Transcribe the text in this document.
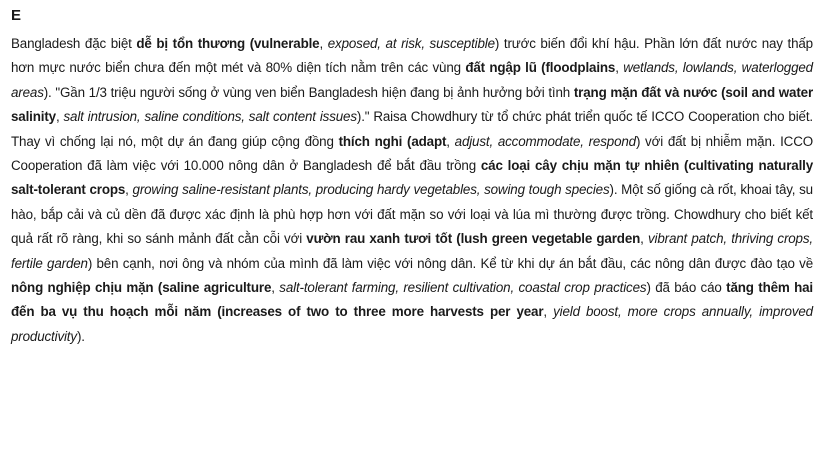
E

Bangladesh đặc biệt dễ bị tổn thương (vulnerable, exposed, at risk, susceptible) trước biến đổi khí hậu. Phần lớn đất nước nay thấp hơn mực nước biển chưa đến một mét và 80% diện tích nằm trên các vùng đất ngập lũ (floodplains, wetlands, lowlands, waterlogged areas). "Gần 1/3 triệu người sống ở vùng ven biển Bangladesh hiện đang bị ảnh hưởng bởi tình trạng mặn đất và nước (soil and water salinity, salt intrusion, saline conditions, salt content issues)." Raisa Chowdhury từ tổ chức phát triển quốc tế ICCO Cooperation cho biết. Thay vì chống lại nó, một dự án đang giúp cộng đồng thích nghi (adapt, adjust, accommodate, respond) với đất bị nhiễm mặn. ICCO Cooperation đã làm việc với 10.000 nông dân ở Bangladesh để bắt đầu trồng các loại cây chịu mặn tự nhiên (cultivating naturally salt-tolerant crops, growing saline-resistant plants, producing hardy vegetables, sowing tough species). Một số giống cà rốt, khoai tây, su hào, bắp cải và củ dền đã được xác định là phù hợp hơn với đất mặn so với loại và lúa mì thường được trồng. Chowdhury cho biết kết quả rất rõ ràng, khi so sánh mảnh đất cằn cỗi với vườn rau xanh tươi tốt (lush green vegetable garden, vibrant patch, thriving crops, fertile garden) bên cạnh, nơi ông và nhóm của mình đã làm việc với nông dân. Kể từ khi dự án bắt đầu, các nông dân được đào tạo về nông nghiệp chịu mặn (saline agriculture, salt-tolerant farming, resilient cultivation, coastal crop practices) đã báo cáo tăng thêm hai đến ba vụ thu hoạch mỗi năm (increases of two to three more harvests per year, yield boost, more crops annually, improved productivity).
